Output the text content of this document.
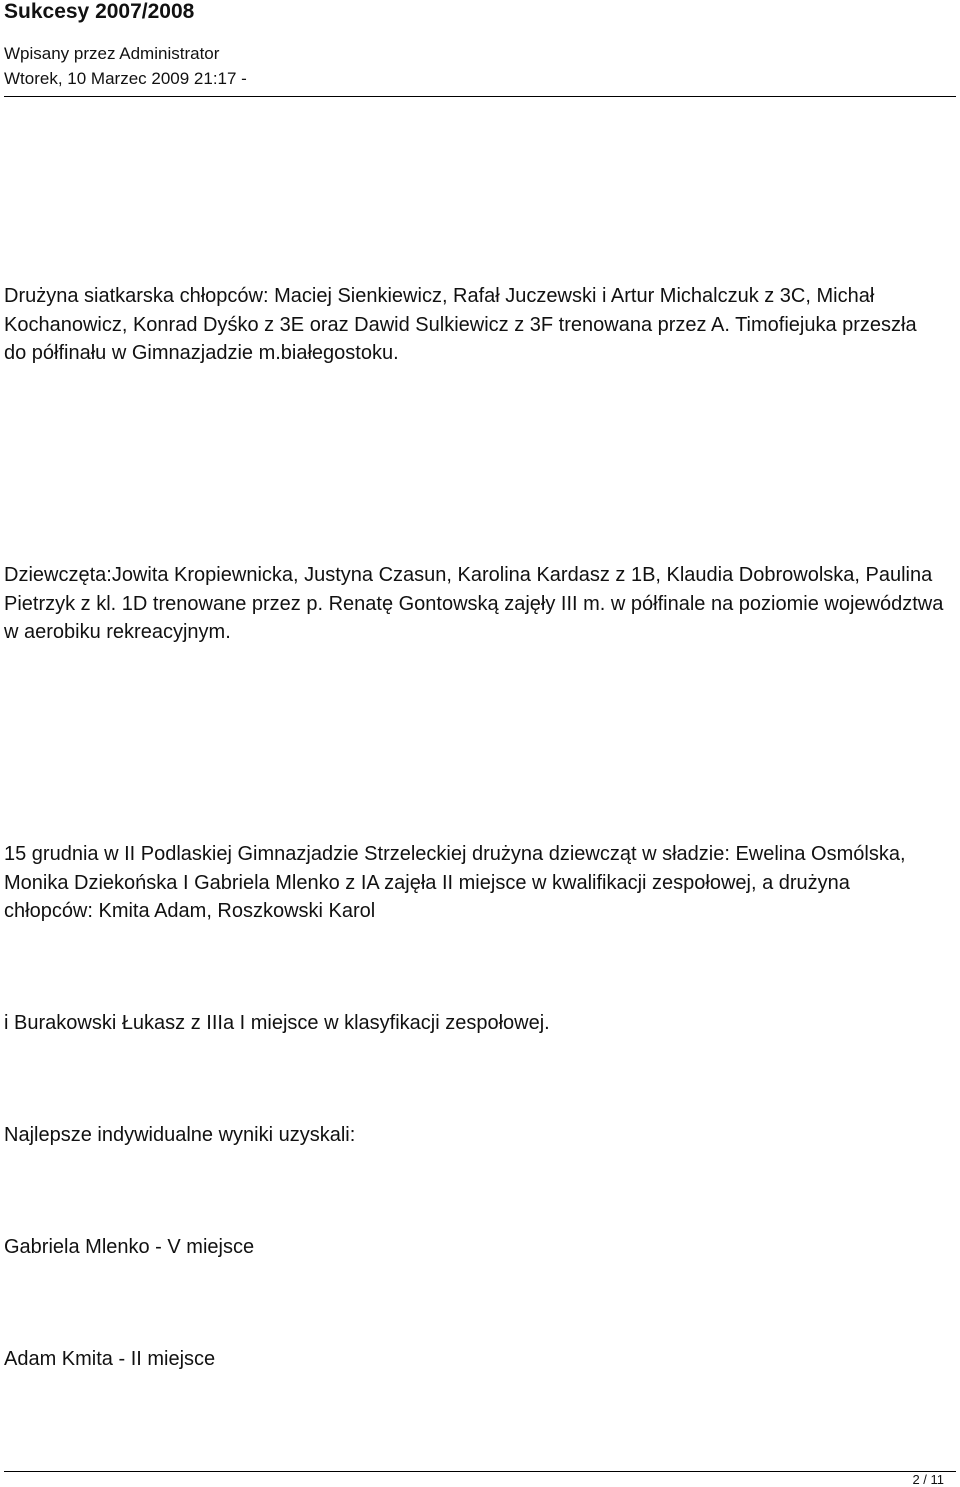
Sukcesy 2007/2008
Wpisany przez Administrator
Wtorek, 10 Marzec 2009 21:17 -

Drużyna siatkarska chłopców: Maciej Sienkiewicz, Rafał Juczewski i Artur Michalczuk z 3C, Michał Kochanowicz, Konrad Dyśko z 3E oraz Dawid Sulkiewicz z 3F trenowana przez A. Timofiejuka przeszła do półfinału w Gimnazjadzie m.białegostoku.

Dziewczęta:Jowita Kropiewnicka, Justyna Czasun, Karolina Kardasz z 1B, Klaudia Dobrowolska, Paulina Pietrzyk z kl. 1D trenowane przez p. Renatę Gontowską zajęły III m. w półfinale na poziomie województwa w aerobiku rekreacyjnym.

15 grudnia w II Podlaskiej Gimnazjadzie Strzeleckiej drużyna dziewcząt w sładzie: Ewelina Osmólska, Monika Dziekońska I Gabriela Mlenko z IA zajęła II miejsce w kwalifikacji zespołowej, a drużyna chłopców: Kmita Adam, Roszkowski Karol

i Burakowski Łukasz z IIIa I miejsce w klasyfikacji zespołowej.

Najlepsze indywidualne wyniki uzyskali:

Gabriela Mlenko - V miejsce

Adam Kmita - II miejsce

2 / 11
